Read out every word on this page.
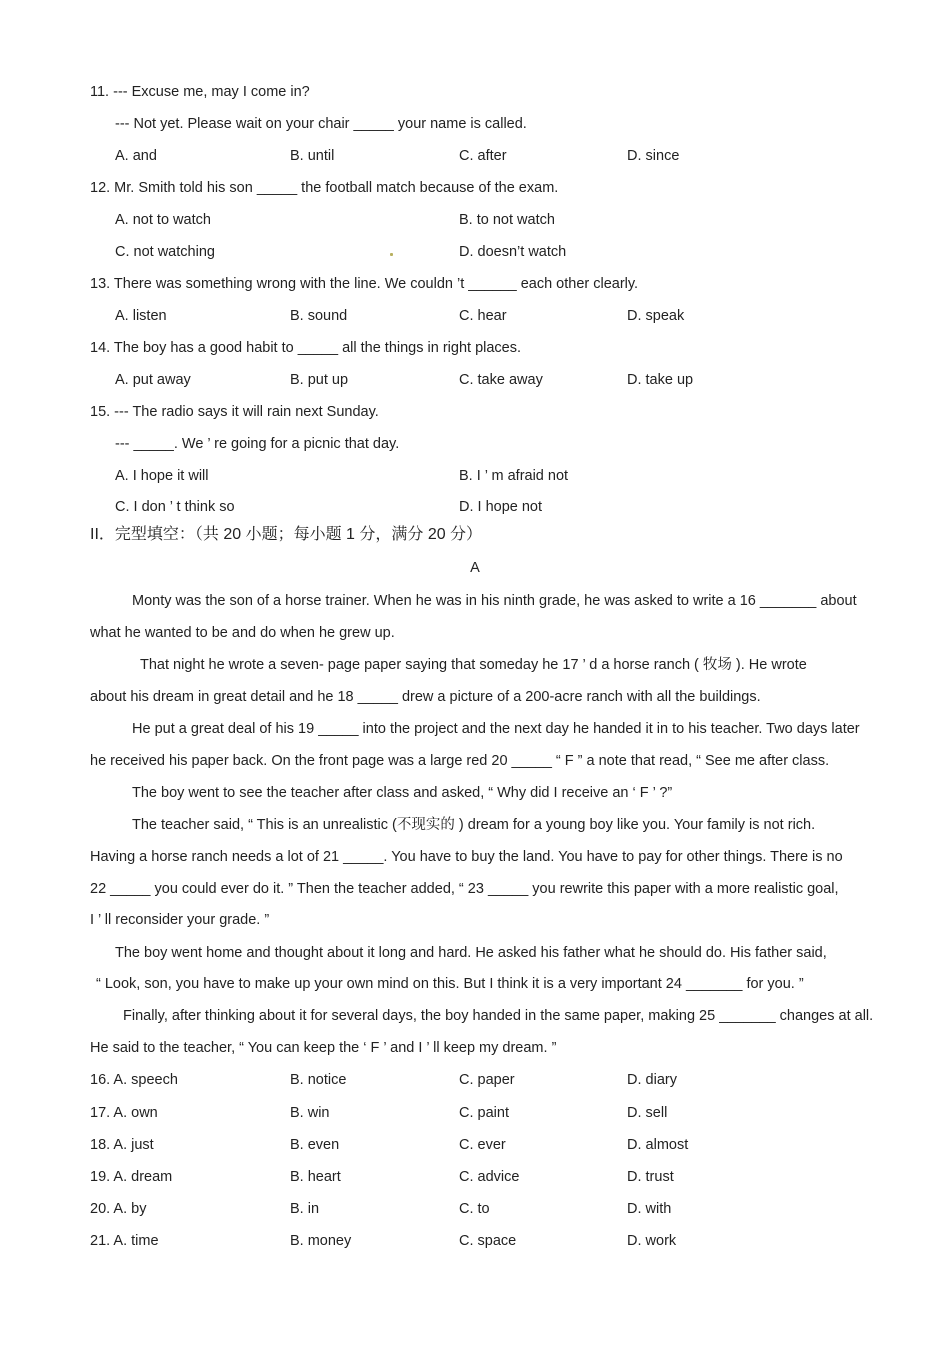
11. --- Excuse me, may I come in?
--- Not yet. Please wait on your chair _____ your name is called.
A. and	B. until	C. after	D. since
12. Mr. Smith told his son _____ the football match because of the exam.
A. not to watch	B. to not watch
C. not watching	D. doesn’t watch
13. There was something wrong with the line. We couldn ’t ______ each other clearly.
A. listen	B. sound	C. hear	D. speak
14. The boy has a good habit to _____ all the things in right places.
A. put away	B. put up	C. take away	D. take up
15. --- The radio says it will rain next Sunday.
--- _____. We ’ re going for a picnic that day.
A. I hope it will	B. I ’ m afraid not
C. I don ’ t think so	D. I hope not
II．完型填空：（共 20 小题；每小题 1 分，满分 20 分）
A
Monty was the son of a horse trainer. When he was in his ninth grade, he was asked to write a 16 _______ about
what he wanted to be and do when he grew up.
That night he wrote a seven- page paper saying that someday he 17 ’ d a horse ranch ( 牧场 ). He wrote
about his dream in great detail and he 18 _____ drew a picture of a 200-acre ranch with all the buildings.
He put a great deal of his 19 _____ into the project and the next day he handed it in to his teacher. Two days later
he received his paper back. On the front page was a large red 20 _____ “ F ” a note that read, “ See me after class.
The boy went to see the teacher after class and asked, “ Why did I receive an ‘ F ’ ?”
The teacher said, “ This is an unrealistic (不现实的 ) dream for a young boy like you. Your family is not rich.
Having a horse ranch needs a lot of 21 _____. You have to buy the land. You have to pay for other things. There is no
22 _____ you could ever do it. ” Then the teacher added, “ 23 _____ you rewrite this paper with a more realistic goal,
I ’ ll reconsider your grade. ”
The boy went home and thought about it long and hard. He asked his father what he should do. His father said,
“ Look, son, you have to make up your own mind on this. But I think it is a very important 24 _______ for you. ”
Finally, after thinking about it for several days, the boy handed in the same paper, making 25 _______ changes at all.
He said to the teacher, “ You can keep the ‘ F ’ and I ’ ll keep my dream. ”
16. A. speech	B. notice	C. paper	D. diary
17. A. own	B. win	C. paint	D. sell
18. A. just	B. even	C. ever	D. almost
19. A. dream	B. heart	C. advice	D. trust
20. A. by	B. in	C. to	D. with
21. A. time	B. money	C. space	D. work
